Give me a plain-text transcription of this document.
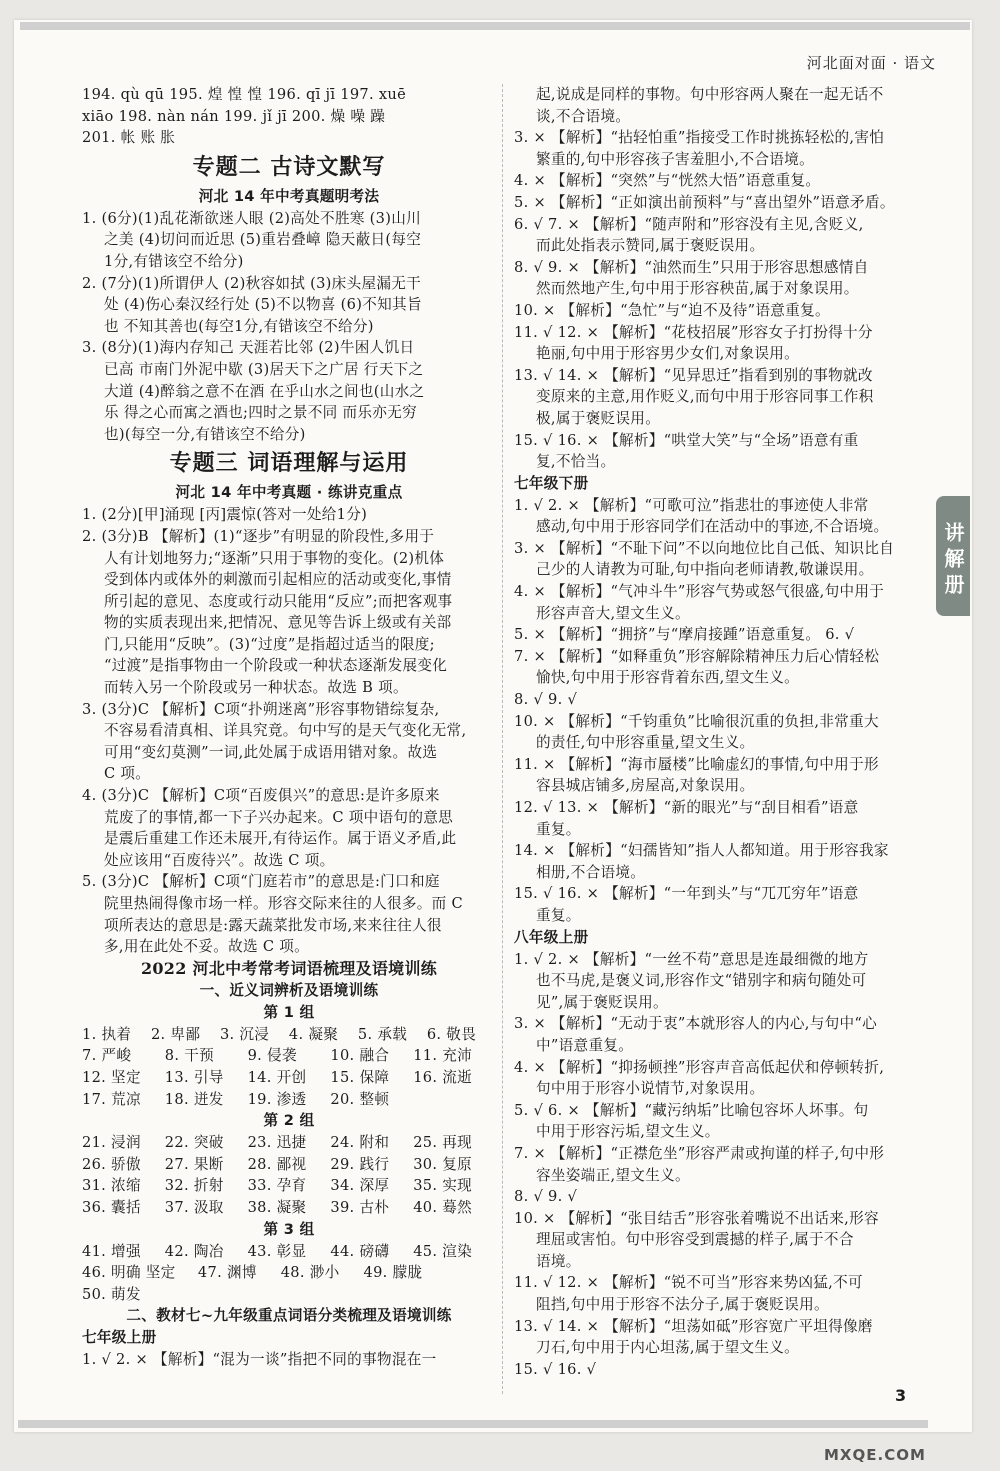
河北面对面 · 语文
194. qù qū 195. 煌 惶 惶 196. qī jī 197. xuē
xiāo 198. nàn nán 199. jǐ jī 200. 燥 噪 躁
201. 帐 账 胀
专题二 古诗文默写
河北 14 年中考真题明考法
1. (6分)(1)乱花渐欲迷人眼 (2)高处不胜寒 (3)山川
之美 (4)切问而近思 (5)重岩叠嶂 隐天蔽日(每空
1分,有错该空不给分)
2. (7分)(1)所谓伊人 (2)秋容如拭 (3)床头屋漏无干
处 (4)伤心秦汉经行处 (5)不以物喜 (6)不知其旨
也 不知其善也(每空1分,有错该空不给分)
3. (8分)(1)海内存知己 天涯若比邻 (2)牛困人饥日
已高 市南门外泥中歇 (3)居天下之广居 行天下之
大道 (4)醉翁之意不在酒 在乎山水之间也(山水之
乐 得之心而寓之酒也;四时之景不同 而乐亦无穷
也)(每空一分,有错该空不给分)
专题三 词语理解与运用
河北 14 年中考真题 · 练讲克重点
1. (2分)[甲]涌现 [丙]震惊(答对一处给1分)
2. (3分)B 【解析】(1)“逐步”有明显的阶段性,多用于
人有计划地努力;“逐渐”只用于事物的变化。(2)机体
受到体内或体外的刺激而引起相应的活动或变化,事情
所引起的意见、态度或行动只能用“反应”;而把客观事
物的实质表现出来,把情况、意见等告诉上级或有关部
门,只能用“反映”。(3)“过度”是指超过适当的限度;
“过渡”是指事物由一个阶段或一种状态逐渐发展变化
而转入另一个阶段或另一种状态。故选 B 项。
3. (3分)C 【解析】C项“扑朔迷离”形容事物错综复杂,
不容易看清真相、详具究竟。句中写的是天气变化无常,
可用“变幻莫测”一词,此处属于成语用错对象。故选
C 项。
4. (3分)C 【解析】C项“百废俱兴”的意思:是许多原来
荒废了的事情,都一下子兴办起来。C 项中语句的意思
是震后重建工作还未展开,有待运作。属于语义矛盾,此
处应该用“百废待兴”。故选 C 项。
5. (3分)C 【解析】C项“门庭若市”的意思是:门口和庭
院里热闹得像市场一样。形容交际来往的人很多。而 C
项所表达的意思是:露天蔬菜批发市场,来来往往人很
多,用在此处不妥。故选 C 项。
2022 河北中考常考词语梳理及语境训练
一、近义词辨析及语境训练
第 1 组
1. 执着	2. 卑鄙	3. 沉浸	4. 凝聚	5. 承载	6. 敬畏
7. 严峻	8. 干预	9. 侵袭	10. 融合	11. 充沛
12. 坚定	13. 引导	14. 开创	15. 保障	16. 流逝
17. 荒凉	18. 迸发	19. 渗透	20. 整顿
第 2 组
21. 浸润	22. 突破	23. 迅捷	24. 附和	25. 再现
26. 骄傲	27. 果断	28. 鄙视	29. 践行	30. 复原
31. 浓缩	32. 折射	33. 孕育	34. 深厚	35. 实现
36. 囊括	37. 汲取	38. 凝聚	39. 古朴	40. 蓦然
第 3 组
41. 增强	42. 陶冶	43. 彰显	44. 磅礴	45. 渲染
46. 明确 坚定	47. 渊博	48. 渺小	49. 朦胧
50. 萌发
二、教材七~九年级重点词语分类梳理及语境训练
七年级上册
1. √ 2. × 【解析】“混为一谈”指把不同的事物混在一
起,说成是同样的事物。句中形容两人聚在一起无话不
谈,不合语境。
3. × 【解析】“拈轻怕重”指接受工作时挑拣轻松的,害怕
繁重的,句中形容孩子害羞胆小,不合语境。
4. × 【解析】“突然”与“恍然大悟”语意重复。
5. × 【解析】“正如演出前预料”与“喜出望外”语意矛盾。
6. √ 7. × 【解析】“随声附和”形容没有主见,含贬义,
而此处指表示赞同,属于褒贬误用。
8. √ 9. × 【解析】“油然而生”只用于形容思想感情自
然而然地产生,句中用于形容秧苗,属于对象误用。
10. × 【解析】“急忙”与“迫不及待”语意重复。
11. √ 12. × 【解析】“花枝招展”形容女子打扮得十分
艳丽,句中用于形容男少女们,对象误用。
13. √ 14. × 【解析】“见异思迁”指看到别的事物就改
变原来的主意,用作贬义,而句中用于形容同事工作积
极,属于褒贬误用。
15. √ 16. × 【解析】“哄堂大笑”与“全场”语意有重
复,不恰当。
七年级下册
1. √ 2. × 【解析】“可歌可泣”指悲壮的事迹使人非常
感动,句中用于形容同学们在活动中的事迹,不合语境。
3. × 【解析】“不耻下问”不以向地位比自己低、知识比自
己少的人请教为可耻,句中指向老师请教,敬谦误用。
4. × 【解析】“气冲斗牛”形容气势或怒气很盛,句中用于
形容声音大,望文生义。
5. × 【解析】“拥挤”与“摩肩接踵”语意重复。 6. √
7. × 【解析】“如释重负”形容解除精神压力后心情轻松
愉快,句中用于形容背着东西,望文生义。
8. √ 9. √
10. × 【解析】“千钧重负”比喻很沉重的负担,非常重大
的责任,句中形容重量,望文生义。
11. × 【解析】“海市蜃楼”比喻虚幻的事情,句中用于形
容县城店铺多,房屋高,对象误用。
12. √ 13. × 【解析】“新的眼光”与“刮目相看”语意
重复。
14. × 【解析】“妇孺皆知”指人人都知道。用于形容我家
相册,不合语境。
15. √ 16. × 【解析】“一年到头”与“兀兀穷年”语意
重复。
八年级上册
1. √ 2. × 【解析】“一丝不苟”意思是连最细微的地方
也不马虎,是褒义词,形容作文“错别字和病句随处可
见”,属于褒贬误用。
3. × 【解析】“无动于衷”本就形容人的内心,与句中“心
中”语意重复。
4. × 【解析】“抑扬顿挫”形容声音高低起伏和停顿转折,
句中用于形容小说情节,对象误用。
5. √ 6. × 【解析】“藏污纳垢”比喻包容坏人坏事。句
中用于形容污垢,望文生义。
7. × 【解析】“正襟危坐”形容严肃或拘谨的样子,句中形
容坐姿端正,望文生义。
8. √ 9. √
10. × 【解析】“张目结舌”形容张着嘴说不出话来,形容
理屈或害怕。句中形容受到震撼的样子,属于不合
语境。
11. √ 12. × 【解析】“锐不可当”形容来势凶猛,不可
阻挡,句中用于形容不法分子,属于褒贬误用。
13. √ 14. × 【解析】“坦荡如砥”形容宽广平坦得像磨
刀石,句中用于内心坦荡,属于望文生义。
15. √ 16. √
讲解册
3
MXQE.COM
